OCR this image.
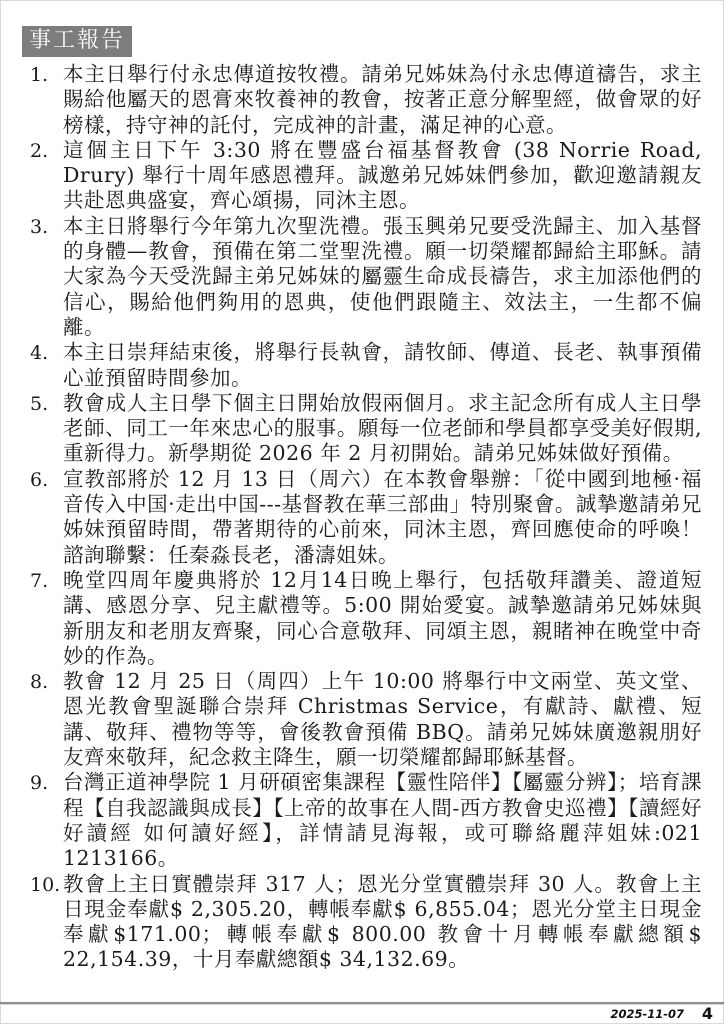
事工報告
1. 本主日舉行付永忠傳道按牧禮。請弟兄姊妹為付永忠傳道禱告，求主賜給他屬天的恩膏來牧養神的教會，按著正意分解聖經，做會眾的好榜樣，持守神的託付，完成神的計畫，滿足神的心意。
2. 這個主日下午 3:30 將在豐盛台福基督教會 (38 Norrie Road, Drury) 舉行十周年感恩禮拜。誠邀弟兄姊妹們參加，歡迎邀請親友共赴恩典盛宴，齊心頌揚，同沐主恩。
3. 本主日將舉行今年第九次聖洗禮。張玉興弟兄要受洗歸主、加入基督的身體—教會，預備在第二堂聖洗禮。願一切榮耀都歸給主耶穌。請大家為今天受洗歸主弟兄姊妹的屬靈生命成長禱告，求主加添他們的信心，賜給他們夠用的恩典，使他們跟隨主、效法主，一生都不偏離。
4. 本主日崇拜結束後，將舉行長執會，請牧師、傳道、長老、執事預備心並預留時間參加。
5. 教會成人主日學下個主日開始放假兩個月。求主記念所有成人主日學老師、同工一年來忠心的服事。願每一位老師和學員都享受美好假期,重新得力。新學期從 2026 年 2 月初開始。請弟兄姊妹做好預備。
6. 宣教部將於 12 月 13 日（周六）在本教會舉辦：「從中國到地極·福音传入中国·走出中国---基督教在華三部曲」特別聚會。誠摯邀請弟兄姊妹預留時間，帶著期待的心前來，同沐主恩，齊回應使命的呼喚！諮詢聯繫：任秦淼長老，潘濤姐妹。
7. 晚堂四周年慶典將於 12月14日晚上舉行，包括敬拜讚美、證道短講、感恩分享、兒主獻禮等。5:00 開始愛宴。誠摯邀請弟兄姊妹與新朋友和老朋友齊聚，同心合意敬拜、同頌主恩，親睹神在晚堂中奇妙的作為。
8. 教會 12 月 25 日（周四）上午 10:00 將舉行中文兩堂、英文堂、恩光教會聖誕聯合崇拜 Christmas Service，有獻詩、獻禮、短講、敬拜、禮物等等，會後教會預備 BBQ。請弟兄姊妹廣邀親朋好友齊來敬拜，紀念救主降生，願一切榮耀都歸耶穌基督。
9. 台灣正道神學院 1 月研碩密集課程【靈性陪伴】【屬靈分辨】；培育課程【自我認識與成長】【上帝的故事在人間-西方教會史巡禮】【讀經好 好讀經 如何讀好經】，詳情請見海報，或可聯絡麗萍姐妹:021 1213166。
10. 教會上主日實體崇拜 317 人；恩光分堂實體崇拜 30 人。教會上主日現金奉獻$ 2,305.20，轉帳奉獻$ 6,855.04；恩光分堂主日現金奉獻$171.00；轉帳奉獻$ 800.00 教會十月轉帳奉獻總額$ 22,154.39，十月奉獻總額$ 34,132.69。
2025-11-07 4
